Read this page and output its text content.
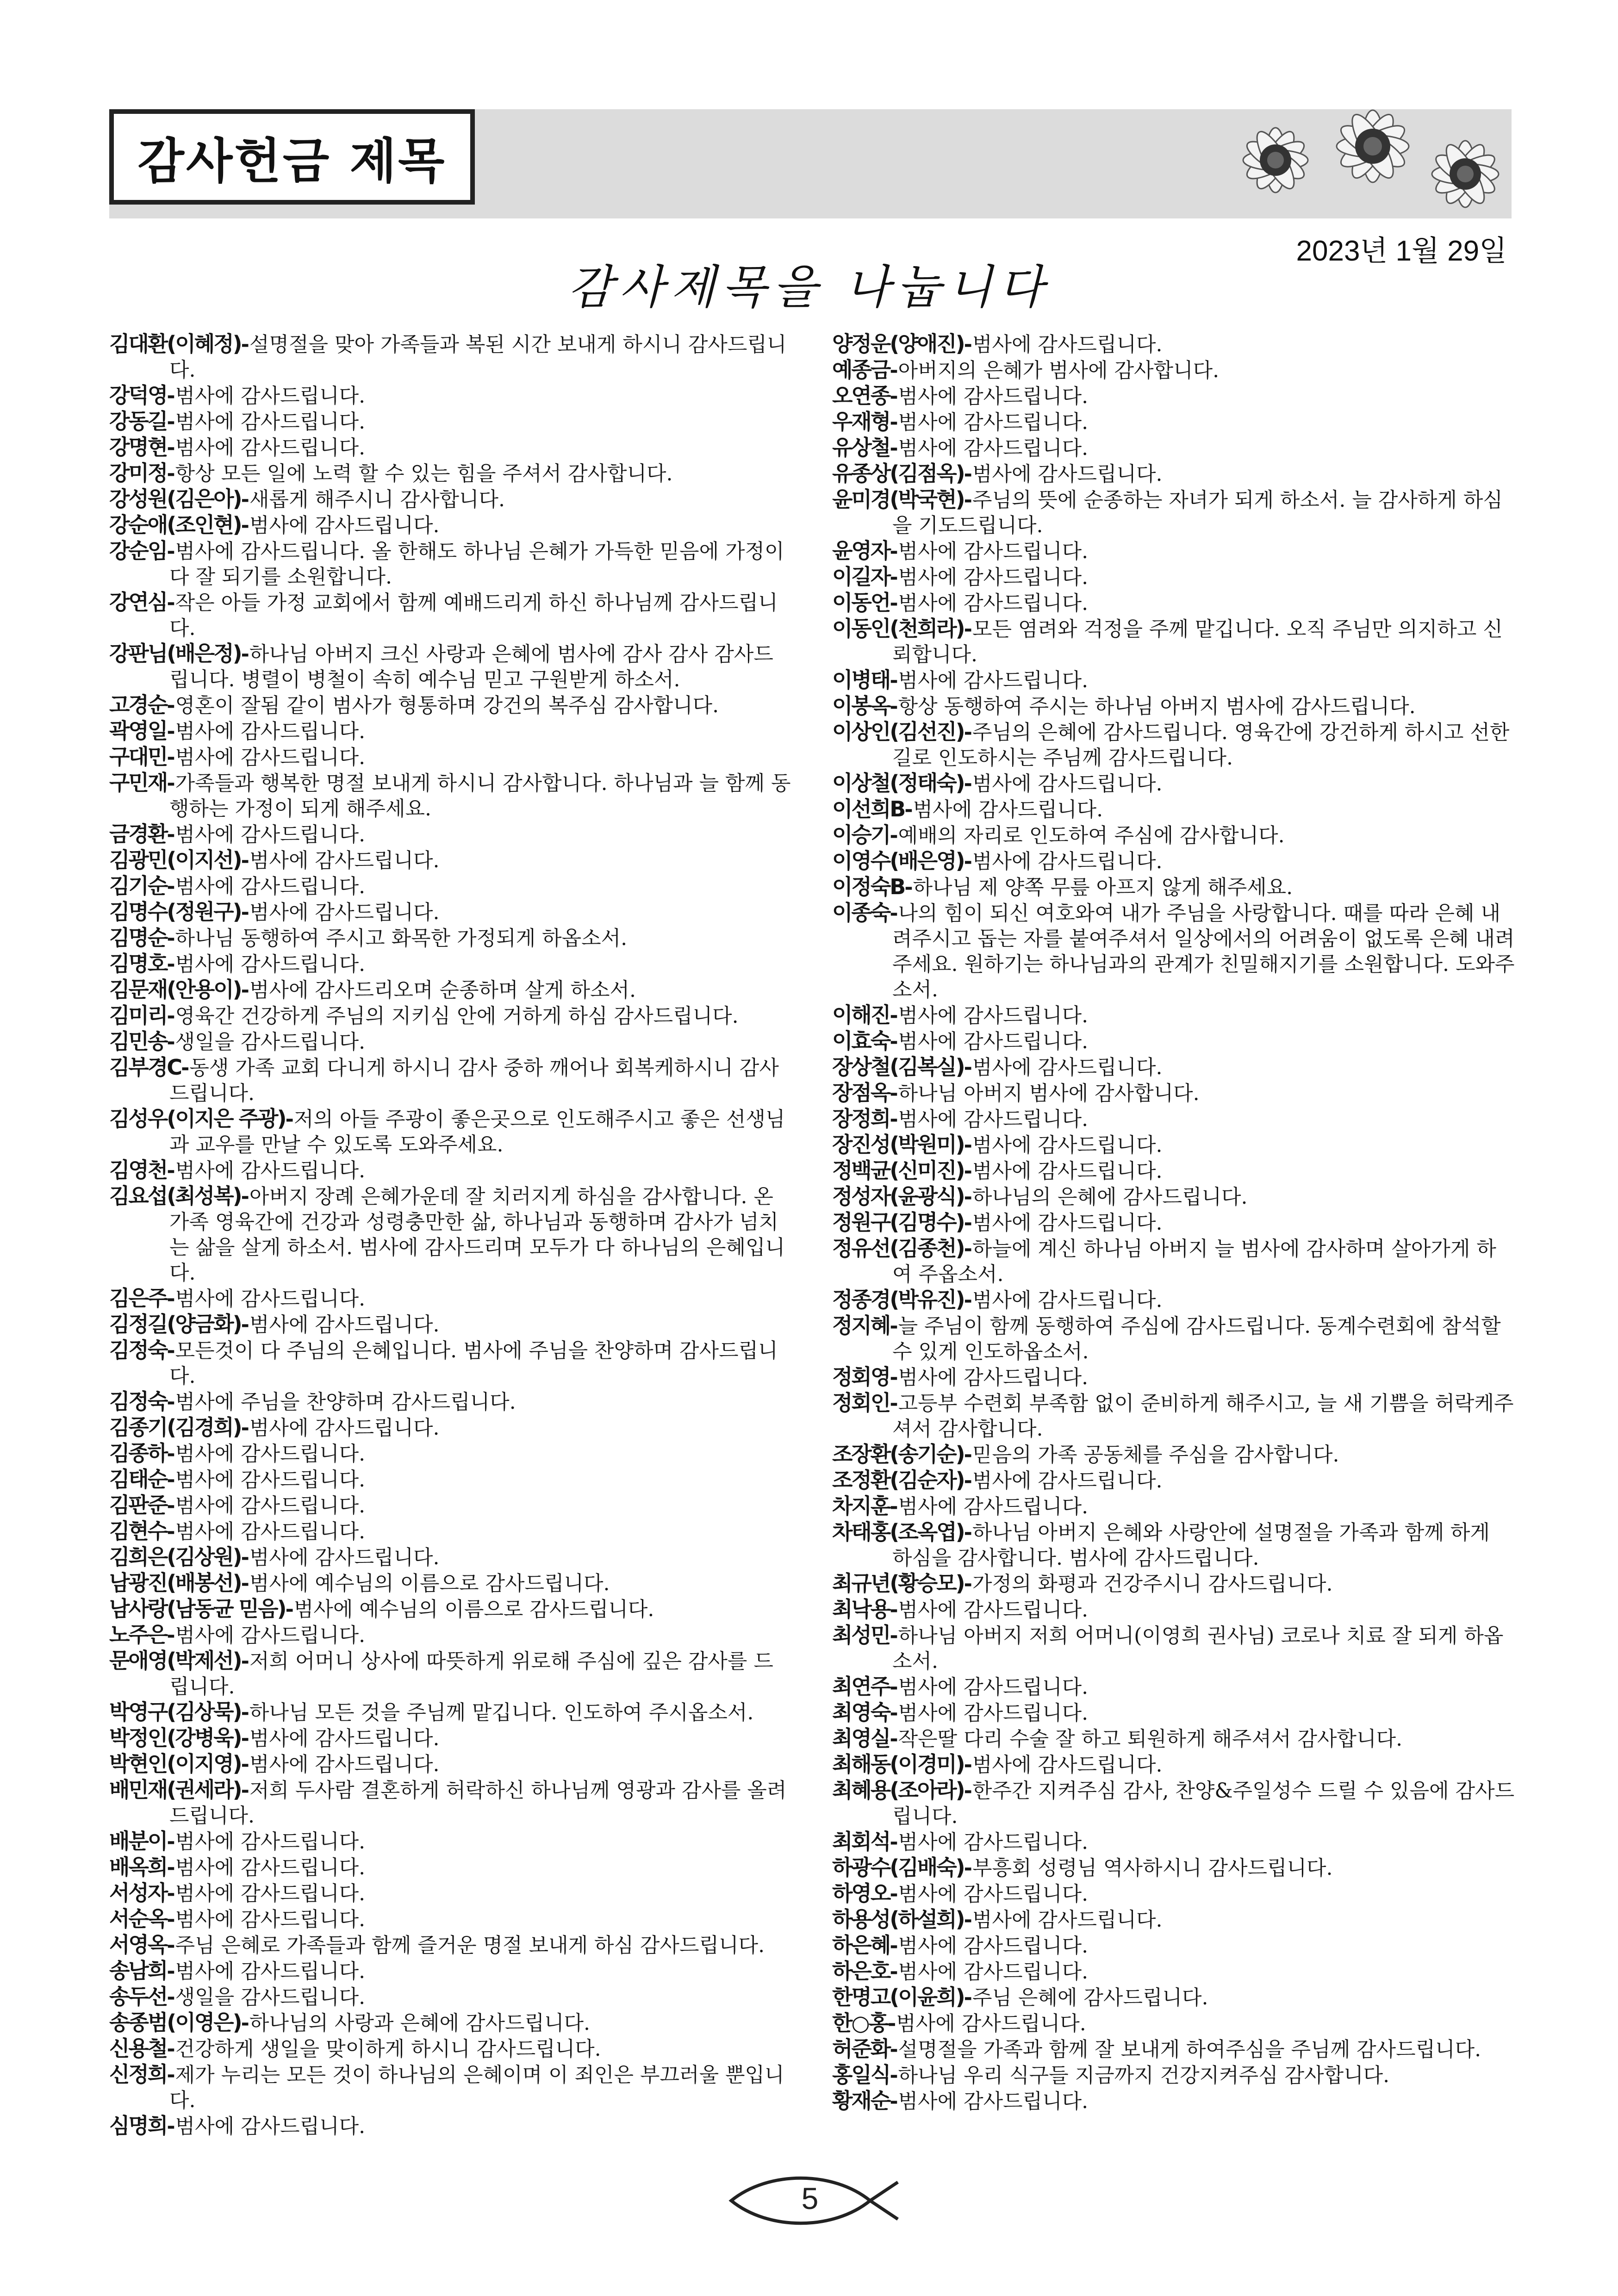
감사헌금 제목
2023년 1월 29일
감사제목을 나눕니다

김대환(이혜정)-설명절을 맞아 가족들과 복된 시간 보내게 하시니 감사드립니다.

강덕영-범사에 감사드립니다.

강동길-범사에 감사드립니다.

강명현-범사에 감사드립니다.

강미정-항상 모든 일에 노력 할 수 있는 힘을 주셔서 감사합니다.

강성원(김은아)-새롭게 해주시니 감사합니다.

강순애(조인현)-범사에 감사드립니다.

강순임-범사에 감사드립니다. 올 한해도 하나님 은혜가 가득한 믿음에 가정이 다 잘 되기를 소원합니다.

강연심-작은 아들 가정 교회에서 함께 예배드리게 하신 하나님께 감사드립니다.

강판님(배은정)-하나님 아버지 크신 사랑과 은혜에 범사에 감사 감사 감사드립니다. 병렬이 병철이 속히 예수님 믿고 구원받게 하소서.

고경순-영혼이 잘됨 같이 범사가 형통하며 강건의 복주심 감사합니다.

곽영일-범사에 감사드립니다.

구대민-범사에 감사드립니다.

구민재-가족들과 행복한 명절 보내게 하시니 감사합니다. 하나님과 늘 함께 동행하는 가정이 되게 해주세요.

금경환-범사에 감사드립니다.

김광민(이지선)-범사에 감사드립니다.

김기순-범사에 감사드립니다.

김명수(정원구)-범사에 감사드립니다.

김명순-하나님 동행하여 주시고 화목한 가정되게 하옵소서.

김명호-범사에 감사드립니다.

김문재(안용이)-범사에 감사드리오며 순종하며 살게 하소서.

김미리-영육간 건강하게 주님의 지키심 안에 거하게 하심 감사드립니다.

김민송-생일을 감사드립니다.

김부경C-동생 가족 교회 다니게 하시니 감사 중하 깨어나 회복케하시니 감사드립니다.

김성우(이지은 주광)-저의 아들 주광이 좋은곳으로 인도해주시고 좋은 선생님과 교우를 만날 수 있도록 도와주세요.

김영천-범사에 감사드립니다.

김요섭(최성복)-아버지 장례 은혜가운데 잘 치러지게 하심을 감사합니다. 온 가족 영육간에 건강과 성령충만한 삶, 하나님과 동행하며 감사가 넘치는 삶을 살게 하소서. 범사에 감사드리며 모두가 다 하나님의 은혜입니다.

김은주-범사에 감사드립니다.

김정길(양금화)-범사에 감사드립니다.

김정숙-모든것이 다 주님의 은혜입니다. 범사에 주님을 찬양하며 감사드립니다.

김정숙-범사에 주님을 찬양하며 감사드립니다.

김종기(김경희)-범사에 감사드립니다.

김종하-범사에 감사드립니다.

김태순-범사에 감사드립니다.

김판준-범사에 감사드립니다.

김현수-범사에 감사드립니다.

김희은(김상원)-범사에 감사드립니다.

남광진(배봉선)-범사에 예수님의 이름으로 감사드립니다.

남사랑(남동균 믿음)-범사에 예수님의 이름으로 감사드립니다.

노주은-범사에 감사드립니다.

문애영(박제선)-저희 어머니 상사에 따뜻하게 위로해 주심에 깊은 감사를 드립니다.

박영구(김상묵)-하나님 모든 것을 주님께 맡깁니다. 인도하여 주시옵소서.

박정인(강병욱)-범사에 감사드립니다.

박현인(이지영)-범사에 감사드립니다.

배민재(권세라)-저희 두사람 결혼하게 허락하신 하나님께 영광과 감사를 올려드립니다.

배분이-범사에 감사드립니다.

배옥희-범사에 감사드립니다.

서성자-범사에 감사드립니다.

서순옥-범사에 감사드립니다.

서영옥-주님 은혜로 가족들과 함께 즐거운 명절 보내게 하심 감사드립니다.

송남희-범사에 감사드립니다.

송두선-생일을 감사드립니다.

송종범(이영은)-하나님의 사랑과 은혜에 감사드립니다.

신용철-건강하게 생일을 맞이하게 하시니 감사드립니다.

신정희-제가 누리는 모든 것이 하나님의 은혜이며 이 죄인은 부끄러울 뿐입니다.

심명희-범사에 감사드립니다.

양정운(양애진)-범사에 감사드립니다.

예종금-아버지의 은혜가 범사에 감사합니다.

오연종-범사에 감사드립니다.

우재형-범사에 감사드립니다.

유상철-범사에 감사드립니다.

유종상(김점옥)-범사에 감사드립니다.

윤미경(박국현)-주님의 뜻에 순종하는 자녀가 되게 하소서. 늘 감사하게 하심을 기도드립니다.

윤영자-범사에 감사드립니다.

이길자-범사에 감사드립니다.

이동언-범사에 감사드립니다.

이동인(천희라)-모든 염려와 걱정을 주께 맡깁니다. 오직 주님만 의지하고 신뢰합니다.

이병태-범사에 감사드립니다.

이봉옥-항상 동행하여 주시는 하나님 아버지 범사에 감사드립니다.

이상인(김선진)-주님의 은혜에 감사드립니다. 영육간에 강건하게 하시고 선한 길로 인도하시는 주님께 감사드립니다.

이상철(정태숙)-범사에 감사드립니다.

이선희B-범사에 감사드립니다.

이승기-예배의 자리로 인도하여 주심에 감사합니다.

이영수(배은영)-범사에 감사드립니다.

이정숙B-하나님 제 양쪽 무릎 아프지 않게 해주세요.

이종숙-나의 힘이 되신 여호와여 내가 주님을 사랑합니다. 때를 따라 은혜 내려주시고 돕는 자를 붙여주셔서 일상에서의 어려움이 없도록 은혜 내려주세요. 원하기는 하나님과의 관계가 친밀해지기를 소원합니다. 도와주소서.

이해진-범사에 감사드립니다.

이효숙-범사에 감사드립니다.

장상철(김복실)-범사에 감사드립니다.

장점옥-하나님 아버지 범사에 감사합니다.

장정희-범사에 감사드립니다.

장진성(박원미)-범사에 감사드립니다.

정백균(신미진)-범사에 감사드립니다.

정성자(윤광식)-하나님의 은혜에 감사드립니다.

정원구(김명수)-범사에 감사드립니다.

정유선(김종천)-하늘에 계신 하나님 아버지 늘 범사에 감사하며 살아가게 하여 주옵소서.

정종경(박유진)-범사에 감사드립니다.

정지혜-늘 주님이 함께 동행하여 주심에 감사드립니다. 동계수련회에 참석할 수 있게 인도하옵소서.

정회영-범사에 감사드립니다.

정회인-고등부 수련회 부족함 없이 준비하게 해주시고, 늘 새 기쁨을 허락케주셔서 감사합니다.

조장환(송기순)-믿음의 가족 공동체를 주심을 감사합니다.

조정환(김순자)-범사에 감사드립니다.

차지훈-범사에 감사드립니다.

차태홍(조옥엽)-하나님 아버지 은혜와 사랑안에 설명절을 가족과 함께 하게 하심을 감사합니다. 범사에 감사드립니다.

최규년(황승모)-가정의 화평과 건강주시니 감사드립니다.

최낙용-범사에 감사드립니다.

최성민-하나님 아버지 저희 어머니(이영희 권사님) 코로나 치료 잘 되게 하옵소서.

최연주-범사에 감사드립니다.

최영숙-범사에 감사드립니다.

최영실-작은딸 다리 수술 잘 하고 퇴원하게 해주셔서 감사합니다.

최해동(이경미)-범사에 감사드립니다.

최혜용(조아라)-한주간 지켜주심 감사, 찬양&주일성수 드릴 수 있음에 감사드립니다.

최회석-범사에 감사드립니다.

하광수(김배숙)-부흥회 성령님 역사하시니 감사드립니다.

하영오-범사에 감사드립니다.

하용성(하설희)-범사에 감사드립니다.

하은혜-범사에 감사드립니다.

하은호-범사에 감사드립니다.

한명고(이윤희)-주님 은혜에 감사드립니다.

한○홍-범사에 감사드립니다.

허준화-설명절을 가족과 함께 잘 보내게 하여주심을 주님께 감사드립니다.

홍일식-하나님 우리 식구들 지금까지 건강지켜주심 감사합니다.

황재순-범사에 감사드립니다.

5
